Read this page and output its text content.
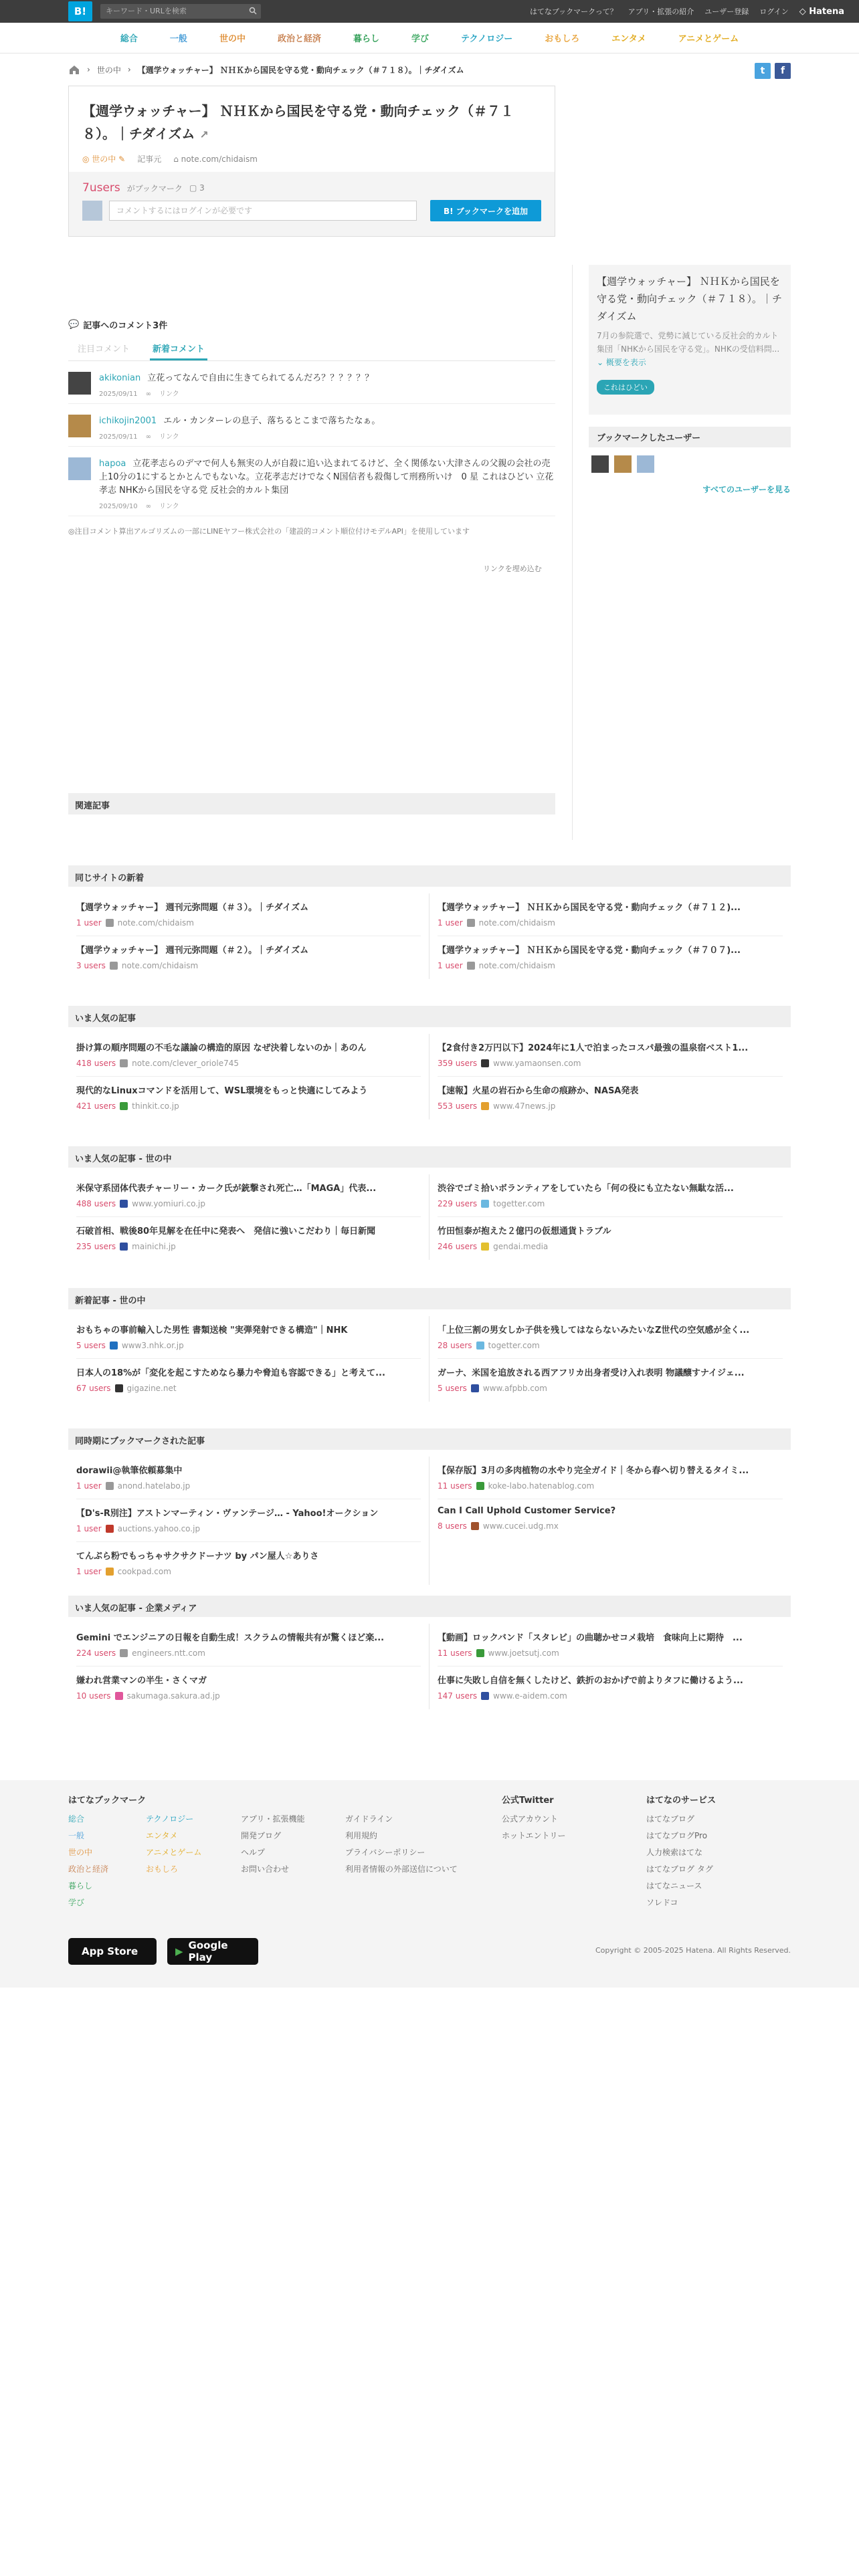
B!	キーワード・URLを検索	はてなブックマークって？ アプリ・拡張の紹介 ユーザー登録 ログイン ◇ Hatena
総合	一般	世の中	政治と経済	暮らし	学び	テクノロジー	おもしろ	エンタメ	アニメとゲーム
› 世の中 › 【週学ウォッチャー】 ＮＨＫから国民を守る党・動向チェック（＃７１８）。｜チダイズム	t	f
【週学ウォッチャー】 ＮＨＫから国民を守る党・動向チェック（＃７１８）。｜チダイズム ↗
◎ 世の中 ✎ 記事元 ⌂ note.com/chidaism
7users がブックマーク ▢ 3
コメントするにはログインが必要です	B! ブックマークを追加
【週学ウォッチャー】 ＮＨＫから国民を守る党・動向チェック（＃７１８）。｜チダイズム
7月の参院選で、党勢に減じている反社会的カルト集団「NHKから国民を守る党」。NHKの受信料問... ⌄ 概要を表示
これはひどい
ブックマークしたユーザー
すべてのユーザーを見る
💬 記事へのコメント3件
注目コメント	新着コメント
akikonian 立花ってなんで自由に生きてられてるんだろ？？？？？？
2025/09/11 ∞ リンク
ichikojin2001 エル・カンターレの息子、落ちるとこまで落ちたなぁ。
2025/09/11 ∞ リンク
hapoa 立花孝志らのデマで何人も無実の人が自殺に追い込まれてるけど、全く関係ない大津さんの父親の会社の売上10分の1にするとかとんでもないな。立花孝志だけでなくN国信者も殺傷して刑務所いけ　0 星 これはひどい 立花孝志 NHKから国民を守る党 反社会的カルト集団
2025/09/10 ∞ リンク
◎注目コメント算出アルゴリズムの一部にLINEヤフー株式会社の「建設的コメント順位付けモデルAPI」を使用しています
リンクを埋め込む
関連記事
同じサイトの新着
【週学ウォッチャー】 週刊元弥問題（＃３）。｜チダイズム
1 user note.com/chidaism
【週学ウォッチャー】 週刊元弥問題（＃２）。｜チダイズム
3 users note.com/chidaism
【週学ウォッチャー】 ＮＨＫから国民を守る党・動向チェック（＃７１２)...
1 user note.com/chidaism
【週学ウォッチャー】 ＮＨＫから国民を守る党・動向チェック（＃７０７)...
1 user note.com/chidaism
いま人気の記事
掛け算の順序問題の不毛な議論の構造的原因 なぜ決着しないのか｜あのん
418 users note.com/clever_oriole745
現代的なLinuxコマンドを活用して、WSL環境をもっと快適にしてみよう
421 users thinkit.co.jp
【2食付き2万円以下】2024年に1人で泊まったコスパ最強の温泉宿ベスト1...
359 users www.yamaonsen.com
【速報】火星の岩石から生命の痕跡か、NASA発表
553 users www.47news.jp
いま人気の記事 - 世の中
米保守系団体代表チャーリー・カーク氏が銃撃され死亡…「MAGA」代表...
488 users www.yomiuri.co.jp
石破首相、戦後80年見解を在任中に発表へ　発信に強いこだわり｜毎日新聞
235 users mainichi.jp
渋谷でゴミ拾いボランティアをしていたら「何の役にも立たない無駄な活...
229 users togetter.com
竹田恒泰が抱えた２億円の仮想通貨トラブル
246 users gendai.media
新着記事 - 世の中
おもちゃの事前輸入した男性 書類送検 "実弾発射できる構造"｜NHK
5 users www3.nhk.or.jp
日本人の18%が「変化を起こすためなら暴力や脅迫も容認できる」と考えて...
67 users gigazine.net
「上位三割の男女しか子供を残してはならないみたいなZ世代の空気感が全く...
28 users togetter.com
ガーナ、米国を追放される西アフリカ出身者受け入れ表明 物議醸すナイジェ...
5 users www.afpbb.com
同時期にブックマークされた記事
dorawii@執筆依頼募集中
1 user anond.hatelabo.jp
【D's-R別注】アストンマーティン・ヴァンテージ… - Yahoo!オークション
1 user auctions.yahoo.co.jp
てんぷら粉でもっちゃサクサクドーナツ by パン屋人☆ありさ
1 user cookpad.com
【保存版】3月の多肉植物の水やり完全ガイド｜冬から春へ切り替えるタイミ...
11 users koke-labo.hatenablog.com
Can I Call Uphold Customer Service?
8 users www.cucei.udg.mx
いま人気の記事 - 企業メディア
Gemini でエンジニアの日報を自動生成！スクラムの情報共有が驚くほど楽...
224 users engineers.ntt.com
嫌われ営業マンの半生・さくマガ
10 users sakumaga.sakura.ad.jp
【動画】ロックバンド「スタレビ」の曲聴かせコメ栽培　食味向上に期待　...
11 users www.joetsutj.com
仕事に失敗し自信を無くしたけど、鉄折のおかげで前よりタフに働けるよう...
147 users www.e-aidem.com
はてなブックマーク
総合
一般
世の中
政治と経済
暮らし
学び
テクノロジー
エンタメ
アニメとゲーム
おもしろ
アプリ・拡張機能
開発ブログ
ヘルプ
お問い合わせ
ガイドライン
利用規約
プライバシーポリシー
利用者情報の外部送信について
公式Twitter
公式アカウント
ホットエントリー
はてなのサービス
はてなブログ
はてなブログPro
人力検索はてな
はてなブログ タグ
はてなニュース
ソレドコ
App Store	▶ Google Play
Copyright © 2005-2025 Hatena. All Rights Reserved.
